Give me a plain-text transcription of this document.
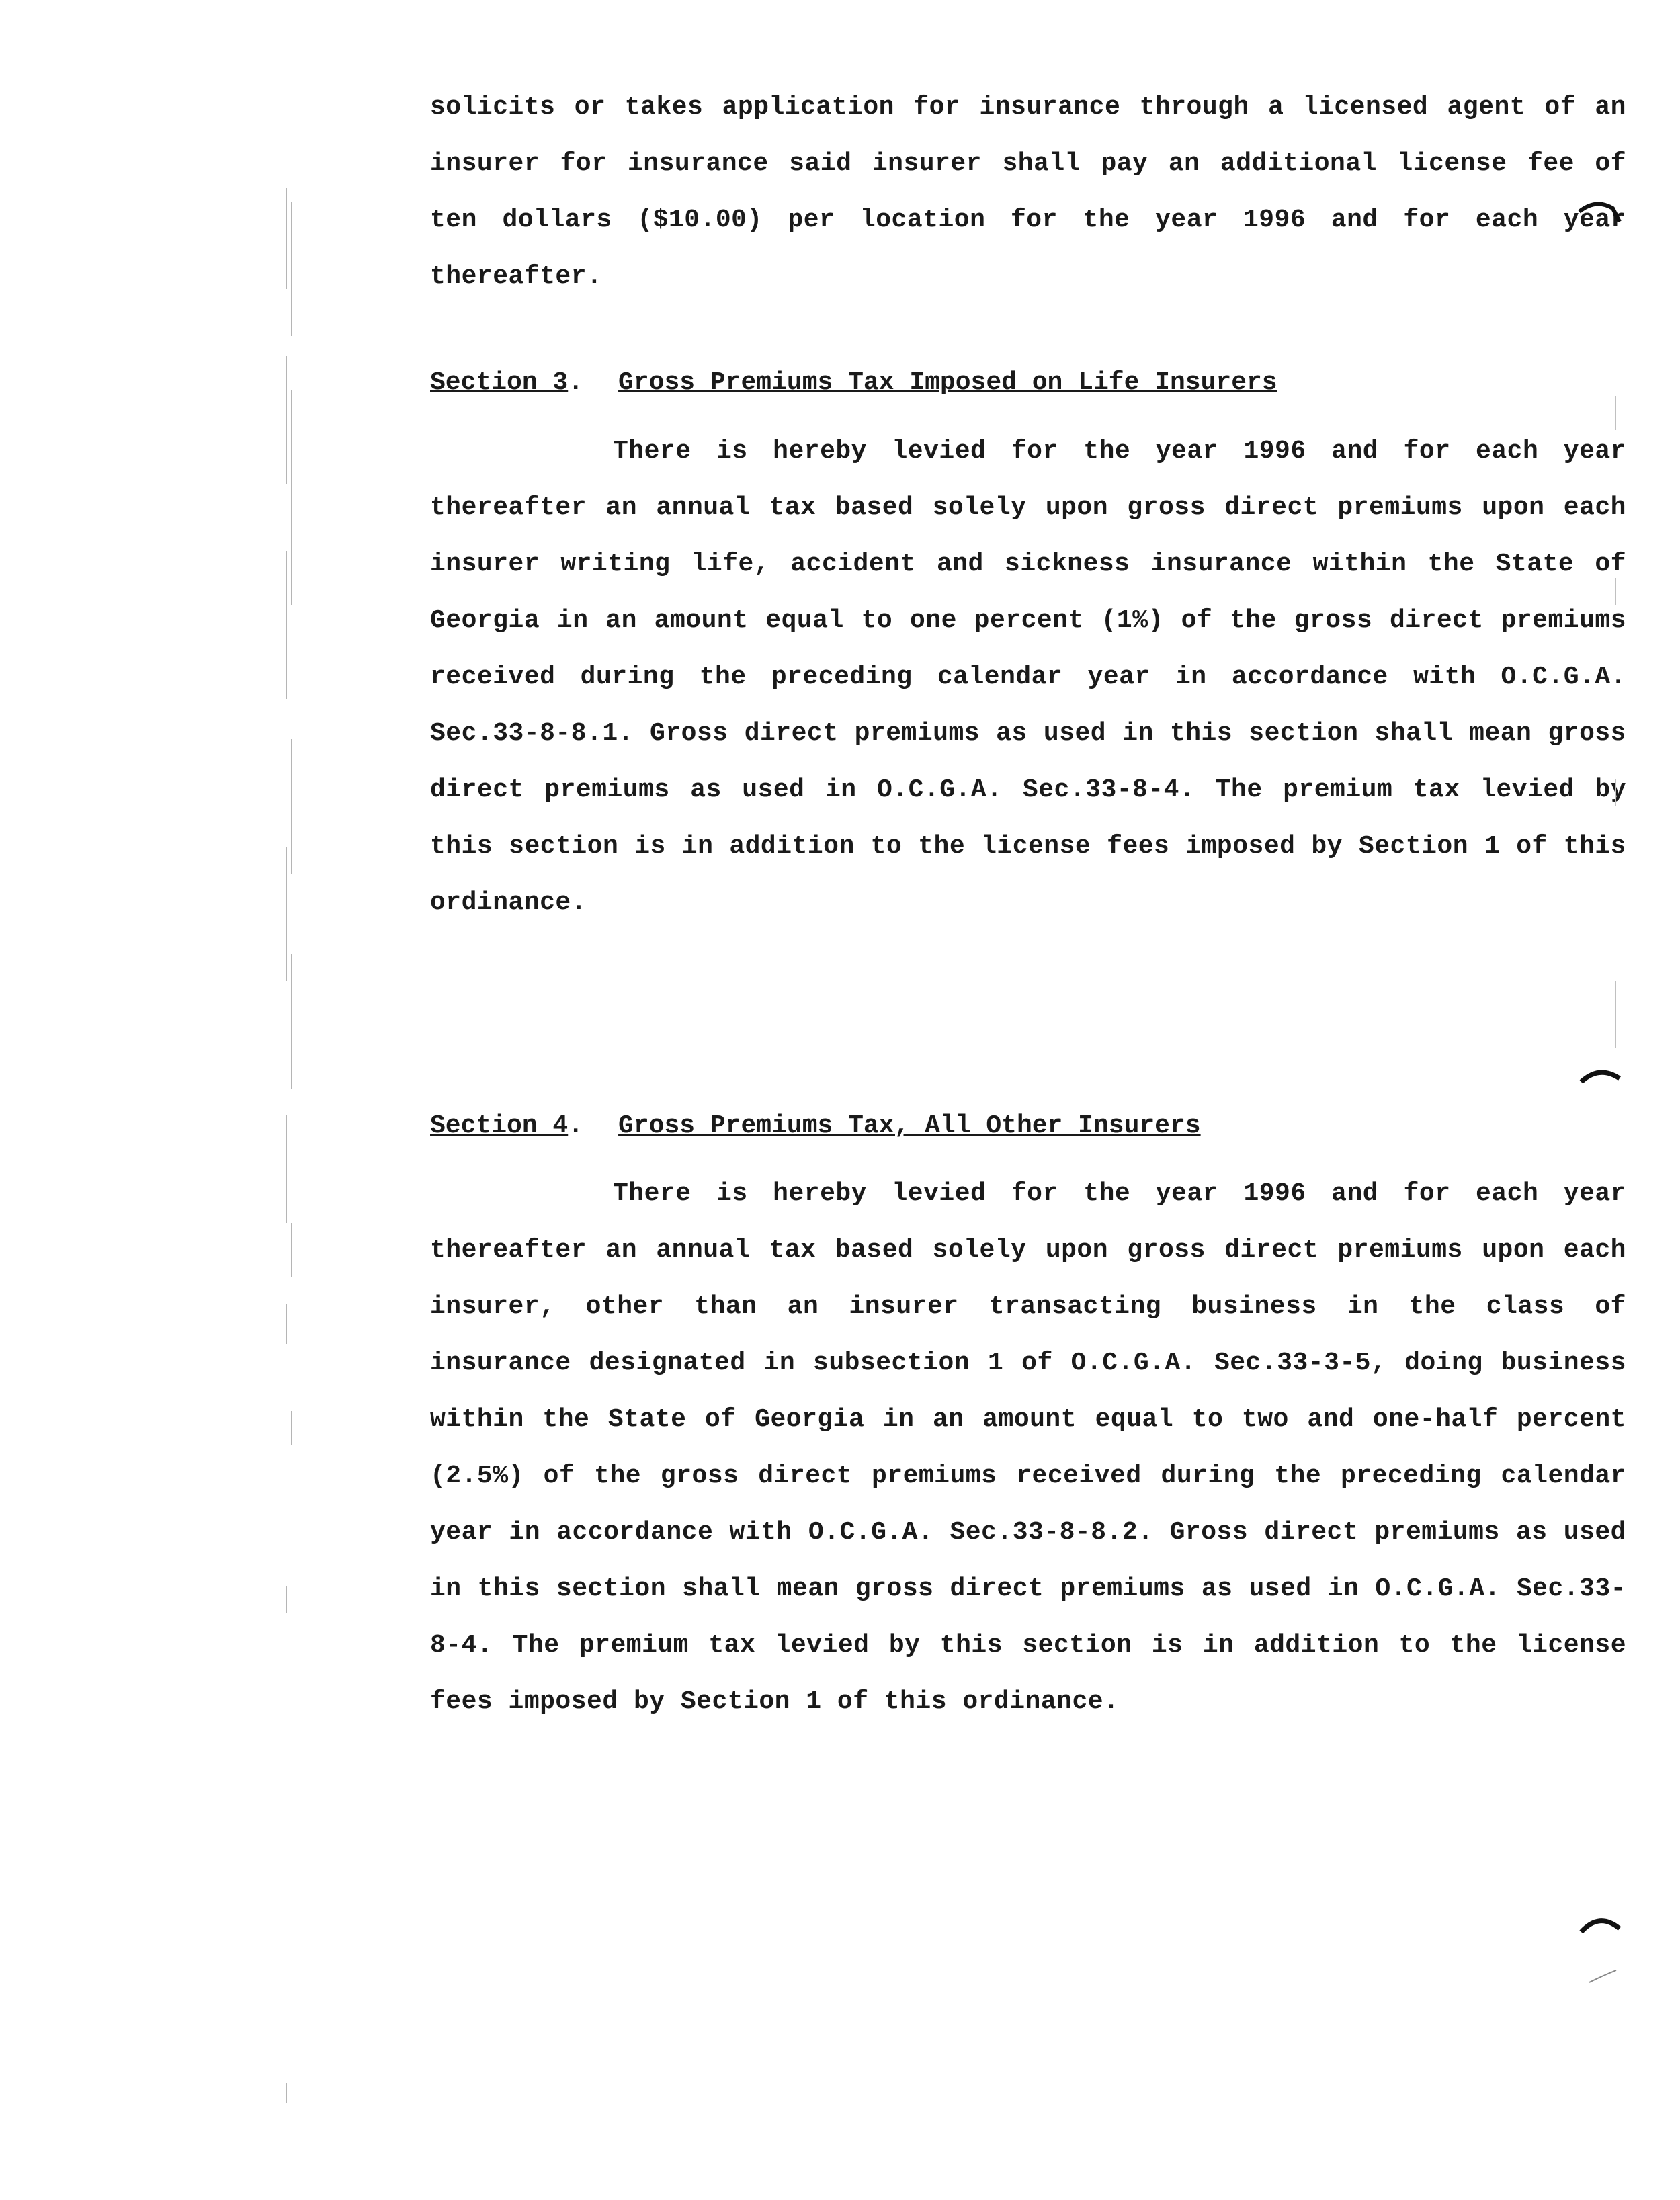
solicits or takes application for insurance through a licensed agent of an insurer for insurance said insurer shall pay an additional license fee of ten dollars ($10.00) per location for the year 1996 and for each year thereafter.

Section 3. Gross Premiums Tax Imposed on Life Insurers

There is hereby levied for the year 1996 and for each year thereafter an annual tax based solely upon gross direct premiums upon each insurer writing life, accident and sickness insurance within the State of Georgia in an amount equal to one percent (1%) of the gross direct premiums received during the preceding calendar year in accordance with O.C.G.A. Sec.33-8-8.1. Gross direct premiums as used in this section shall mean gross direct premiums as used in O.C.G.A. Sec.33-8-4. The premium tax levied by this section is in addition to the license fees imposed by Section 1 of this ordinance.

Section 4. Gross Premiums Tax, All Other Insurers

There is hereby levied for the year 1996 and for each year thereafter an annual tax based solely upon gross direct premiums upon each insurer, other than an insurer transacting business in the class of insurance designated in subsection 1 of O.C.G.A. Sec.33-3-5, doing business within the State of Georgia in an amount equal to two and one-half percent (2.5%) of the gross direct premiums received during the preceding calendar year in accordance with O.C.G.A. Sec.33-8-8.2. Gross direct premiums as used in this section shall mean gross direct premiums as used in O.C.G.A. Sec.33-8-4. The premium tax levied by this section is in addition to the license fees imposed by Section 1 of this ordinance.
